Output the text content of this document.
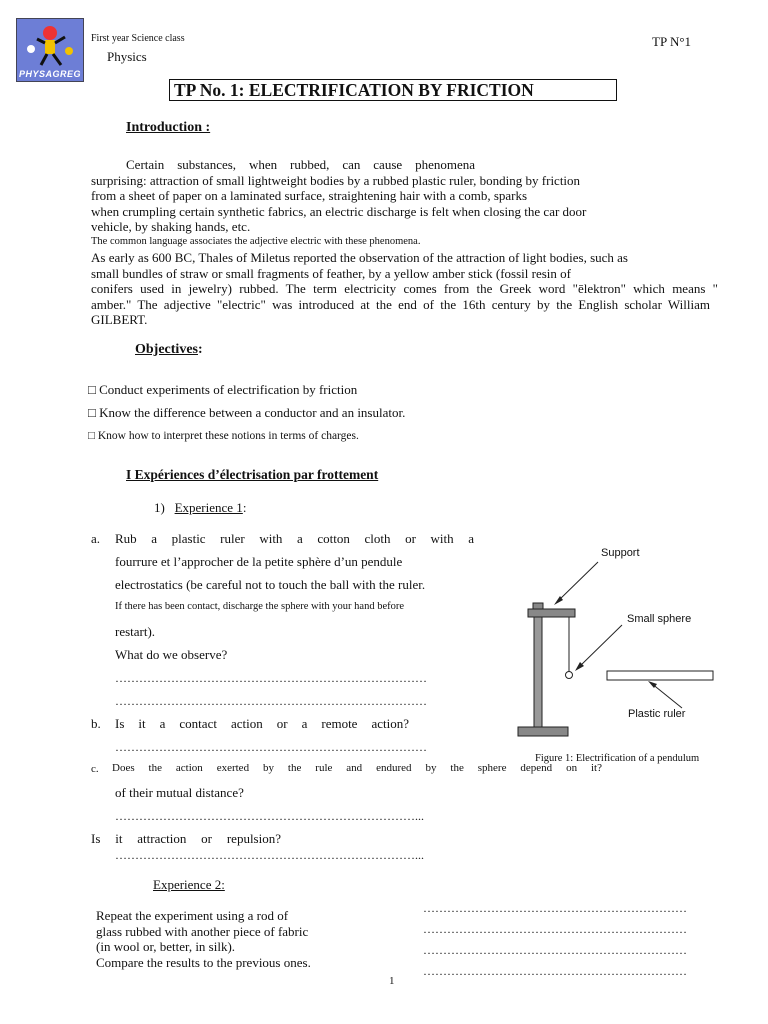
PHYSAGREG
First year Science class
Physics
TP N°1
TP No. 1: ELECTRIFICATION BY FRICTION
Introduction :
Certain substances, when rubbed, can cause phenomena
surprising: attraction of small lightweight bodies by a rubbed plastic ruler, bonding by friction
from a sheet of paper on a laminated surface, straightening hair with a comb, sparks
when crumpling certain synthetic fabrics, an electric discharge is felt when closing the car door
vehicle, by shaking hands, etc.
The common language associates the adjective electric with these phenomena.
As early as 600 BC, Thales of Miletus reported the observation of the attraction of light bodies, such as
small bundles of straw or small fragments of feather, by a yellow amber stick (fossil resin of
conifers used in jewelry) rubbed. The term electricity comes from the Greek word "ēlektron" which means "
amber." The adjective "electric" was introduced at the end of the 16th century by the English scholar William
GILBERT.
Objectives:
□ Conduct experiments of electrification by friction
□ Know the difference between a conductor and an insulator.
□ Know how to interpret these notions in terms of charges.
I Expériences d’électrisation par frottement
1) Experience 1:
a. Rub a plastic ruler with a cotton cloth or with a
fourrure et l’approcher de la petite sphère d’un pendule
electrostatics (be careful not to touch the ball with the ruler.
If there has been contact, discharge the sphere with your hand before
restart).
What do we observe?
……………………………………………………………………
……………………………………………………………………
b. Is it a contact action or a remote action?
……………………………………………………………………
c. Does the action exerted by the rule and endured by the sphere depend on it?
of their mutual distance?
…………………………………………………………………...
Is it attraction or repulsion?
…………………………………………………………………...
Support
Small sphere
Plastic ruler
Figure 1: Electrification of a pendulum
Experience 2:
Repeat the experiment using a rod of
glass rubbed with another piece of fabric
(in wool or, better, in silk).
Compare the results to the previous ones.
…………………………………………………………
…………………………………………………………
…………………………………………………………
…………………………………………………………
1
